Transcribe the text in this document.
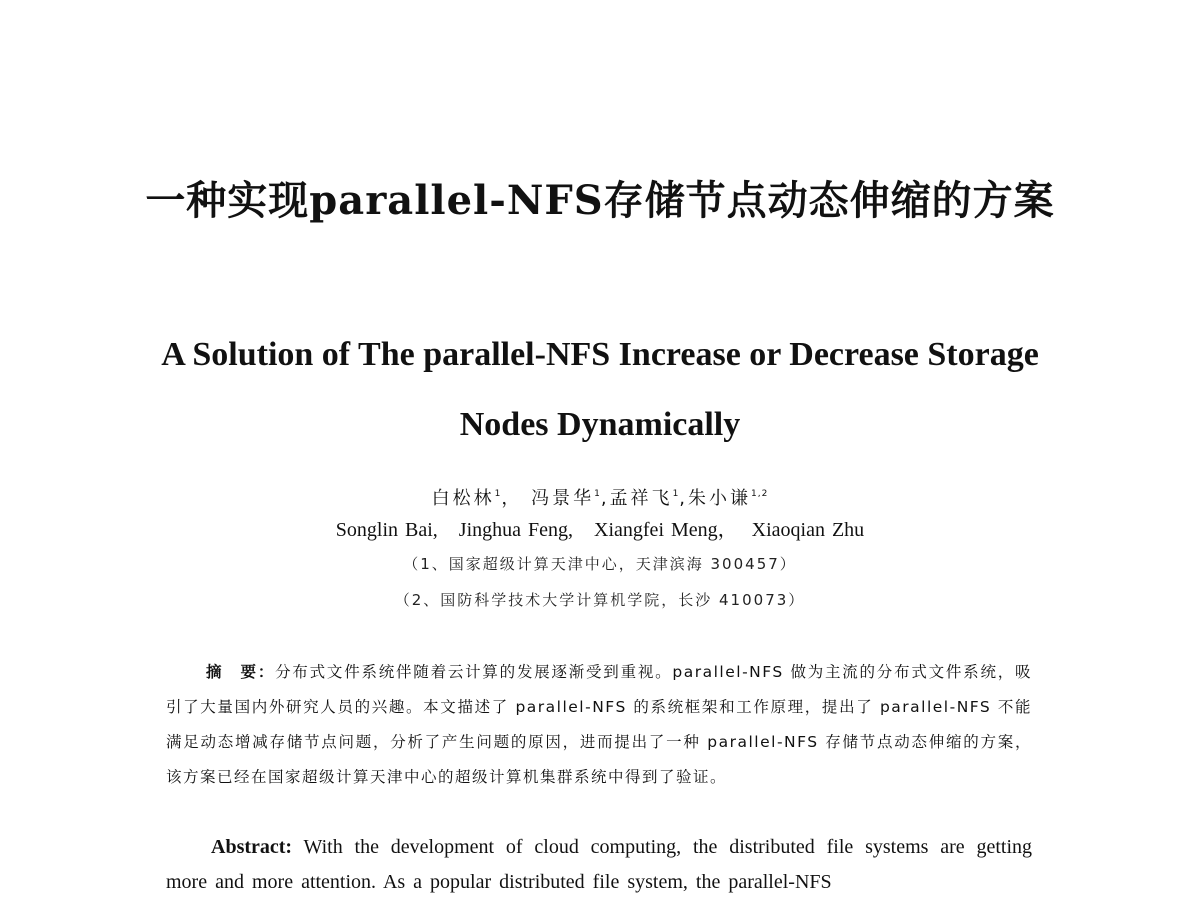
一种实现parallel-NFS存储节点动态伸缩的方案
A Solution of The parallel-NFS Increase or Decrease Storage Nodes Dynamically
白松林$^1$， 冯景华$^1$,孟祥飞$^1$,朱小谦$^{1,2}$
Songlin Bai,   Jinghua Feng,   Xiangfei Meng，  Xiaoqian Zhu
（1、国家超级计算天津中心，天津滨海 300457）
（2、国防科学技术大学计算机学院，长沙 410073）

摘　要：分布式文件系统伴随着云计算的发展逐渐受到重视。parallel-NFS 做为主流的分布式文件系统，吸引了大量国内外研究人员的兴趣。本文描述了 parallel-NFS 的系统框架和工作原理，提出了 parallel-NFS 不能满足动态增减存储节点问题，分析了产生问题的原因，进而提出了一种 parallel-NFS 存储节点动态伸缩的方案，该方案已经在国家超级计算天津中心的超级计算机集群系统中得到了验证。

Abstract: With the development of cloud computing, the distributed file systems are getting more and more attention. As a popular distributed file system, the parallel-NFS
